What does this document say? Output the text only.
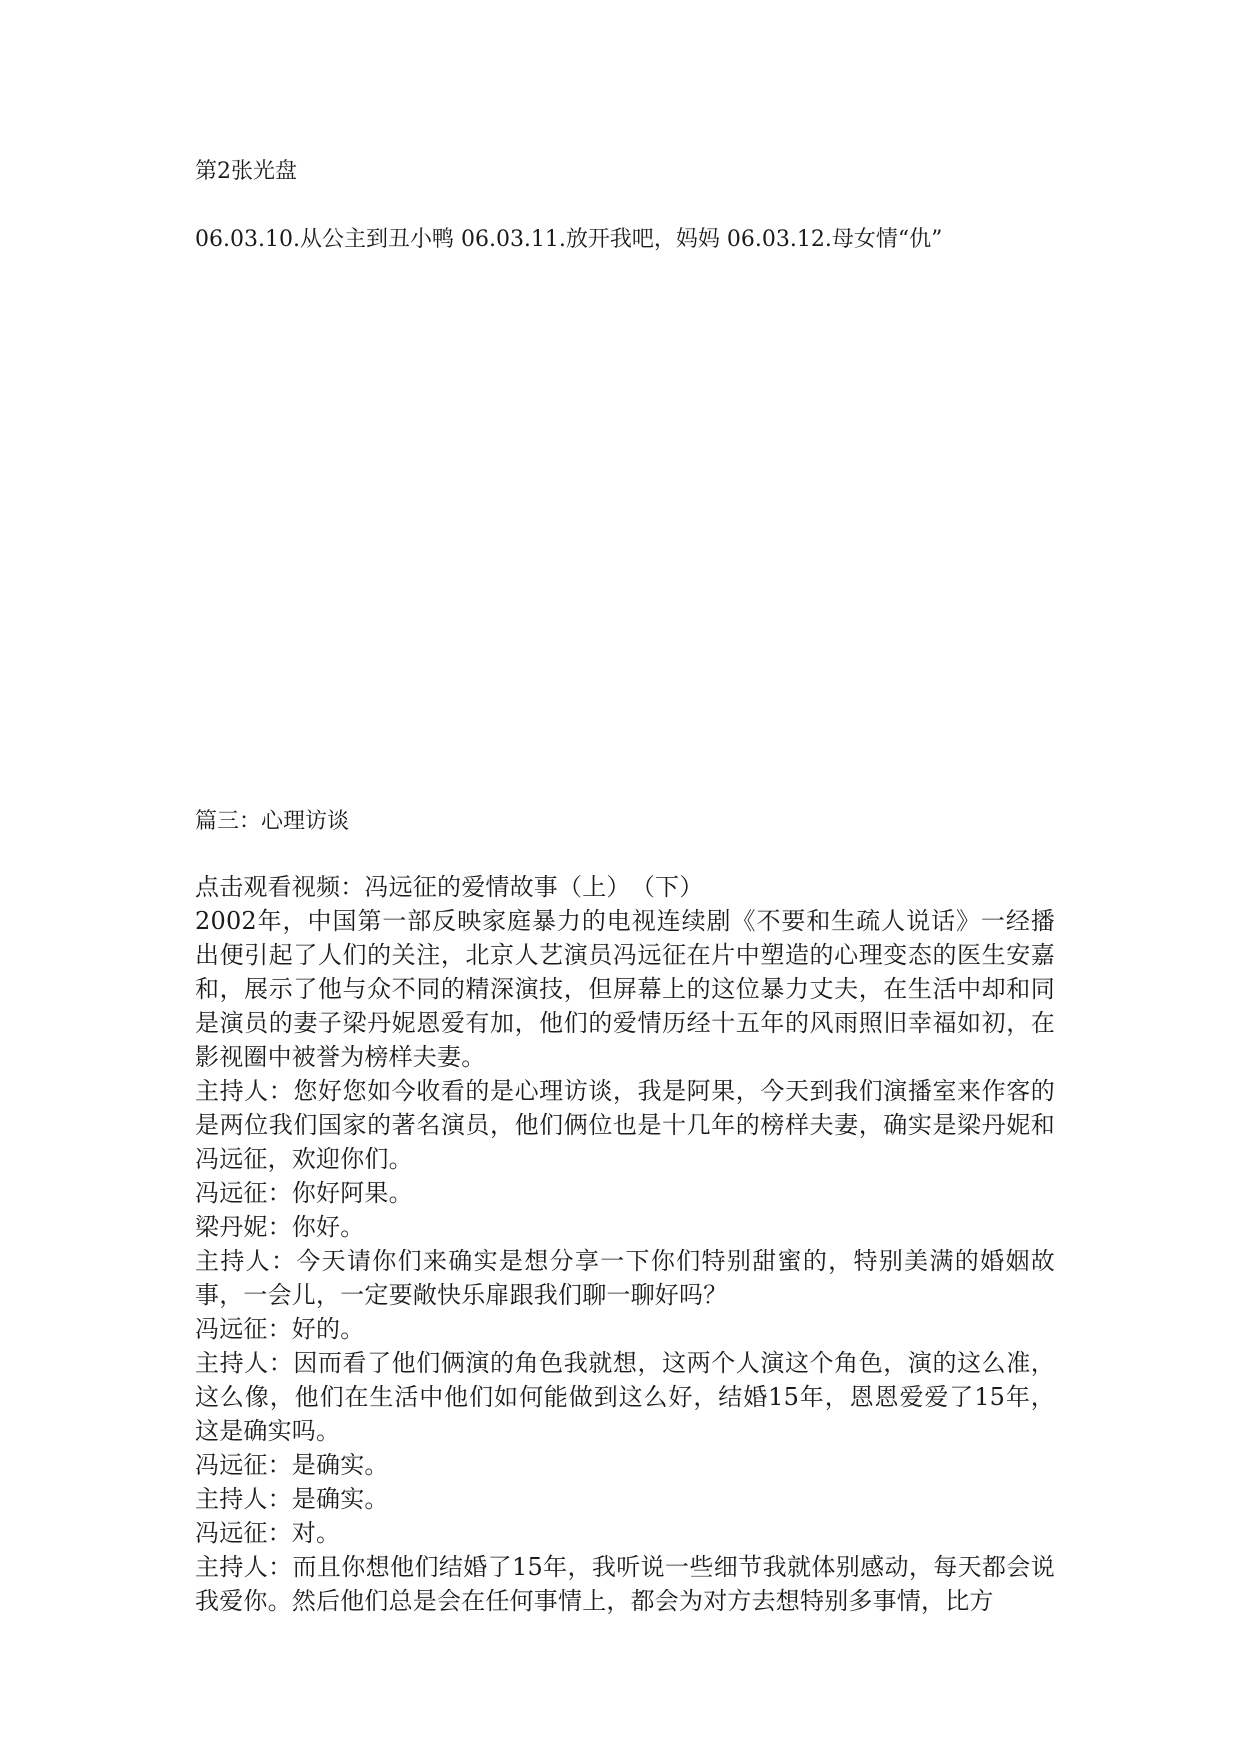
第2张光盘
06.03.10.从公主到丑小鸭 06.03.11.放开我吧，妈妈 06.03.12.母女情“仇”
篇三：心理访谈

点击观看视频：冯远征的爱情故事（上）　 （下）

2002年，中国第一部反映家庭暴力的电视连续剧《不要和生疏人说话》一经播出便引起了人们的关注，北京人艺演员冯远征在片中塑造的心理变态的医生安嘉和，展示了他与众不同的精深演技，但屏幕上的这位暴力丈夫，在生活中却和同是演员的妻子梁丹妮恩爱有加，他们的爱情历经十五年的风雨照旧幸福如初，在影视圈中被誉为榜样夫妻。

主持人：您好您如今收看的是心理访谈，我是阿果，今天到我们演播室来作客的是两位我们国家的著名演员，他们俩位也是十几年的榜样夫妻，确实是梁丹妮和冯远征，欢迎你们。

冯远征：你好阿果。

梁丹妮：你好。

主持人：今天请你们来确实是想分享一下你们特别甜蜜的，特别美满的婚姻故事，一会儿，一定要敞快乐扉跟我们聊一聊好吗？

冯远征：好的。

主持人：因而看了他们俩演的角色我就想，这两个人演这个角色，演的这么准，这么像，他们在生活中他们如何能做到这么好，结婚15年，恩恩爱爱了15年，这是确实吗。

冯远征：是确实。

主持人：是确实。

冯远征：对。

主持人：而且你想他们结婚了15年，我听说一些细节我就体别感动，每天都会说我爱你。然后他们总是会在任何事情上，都会为对方去想特别多事情，比方
